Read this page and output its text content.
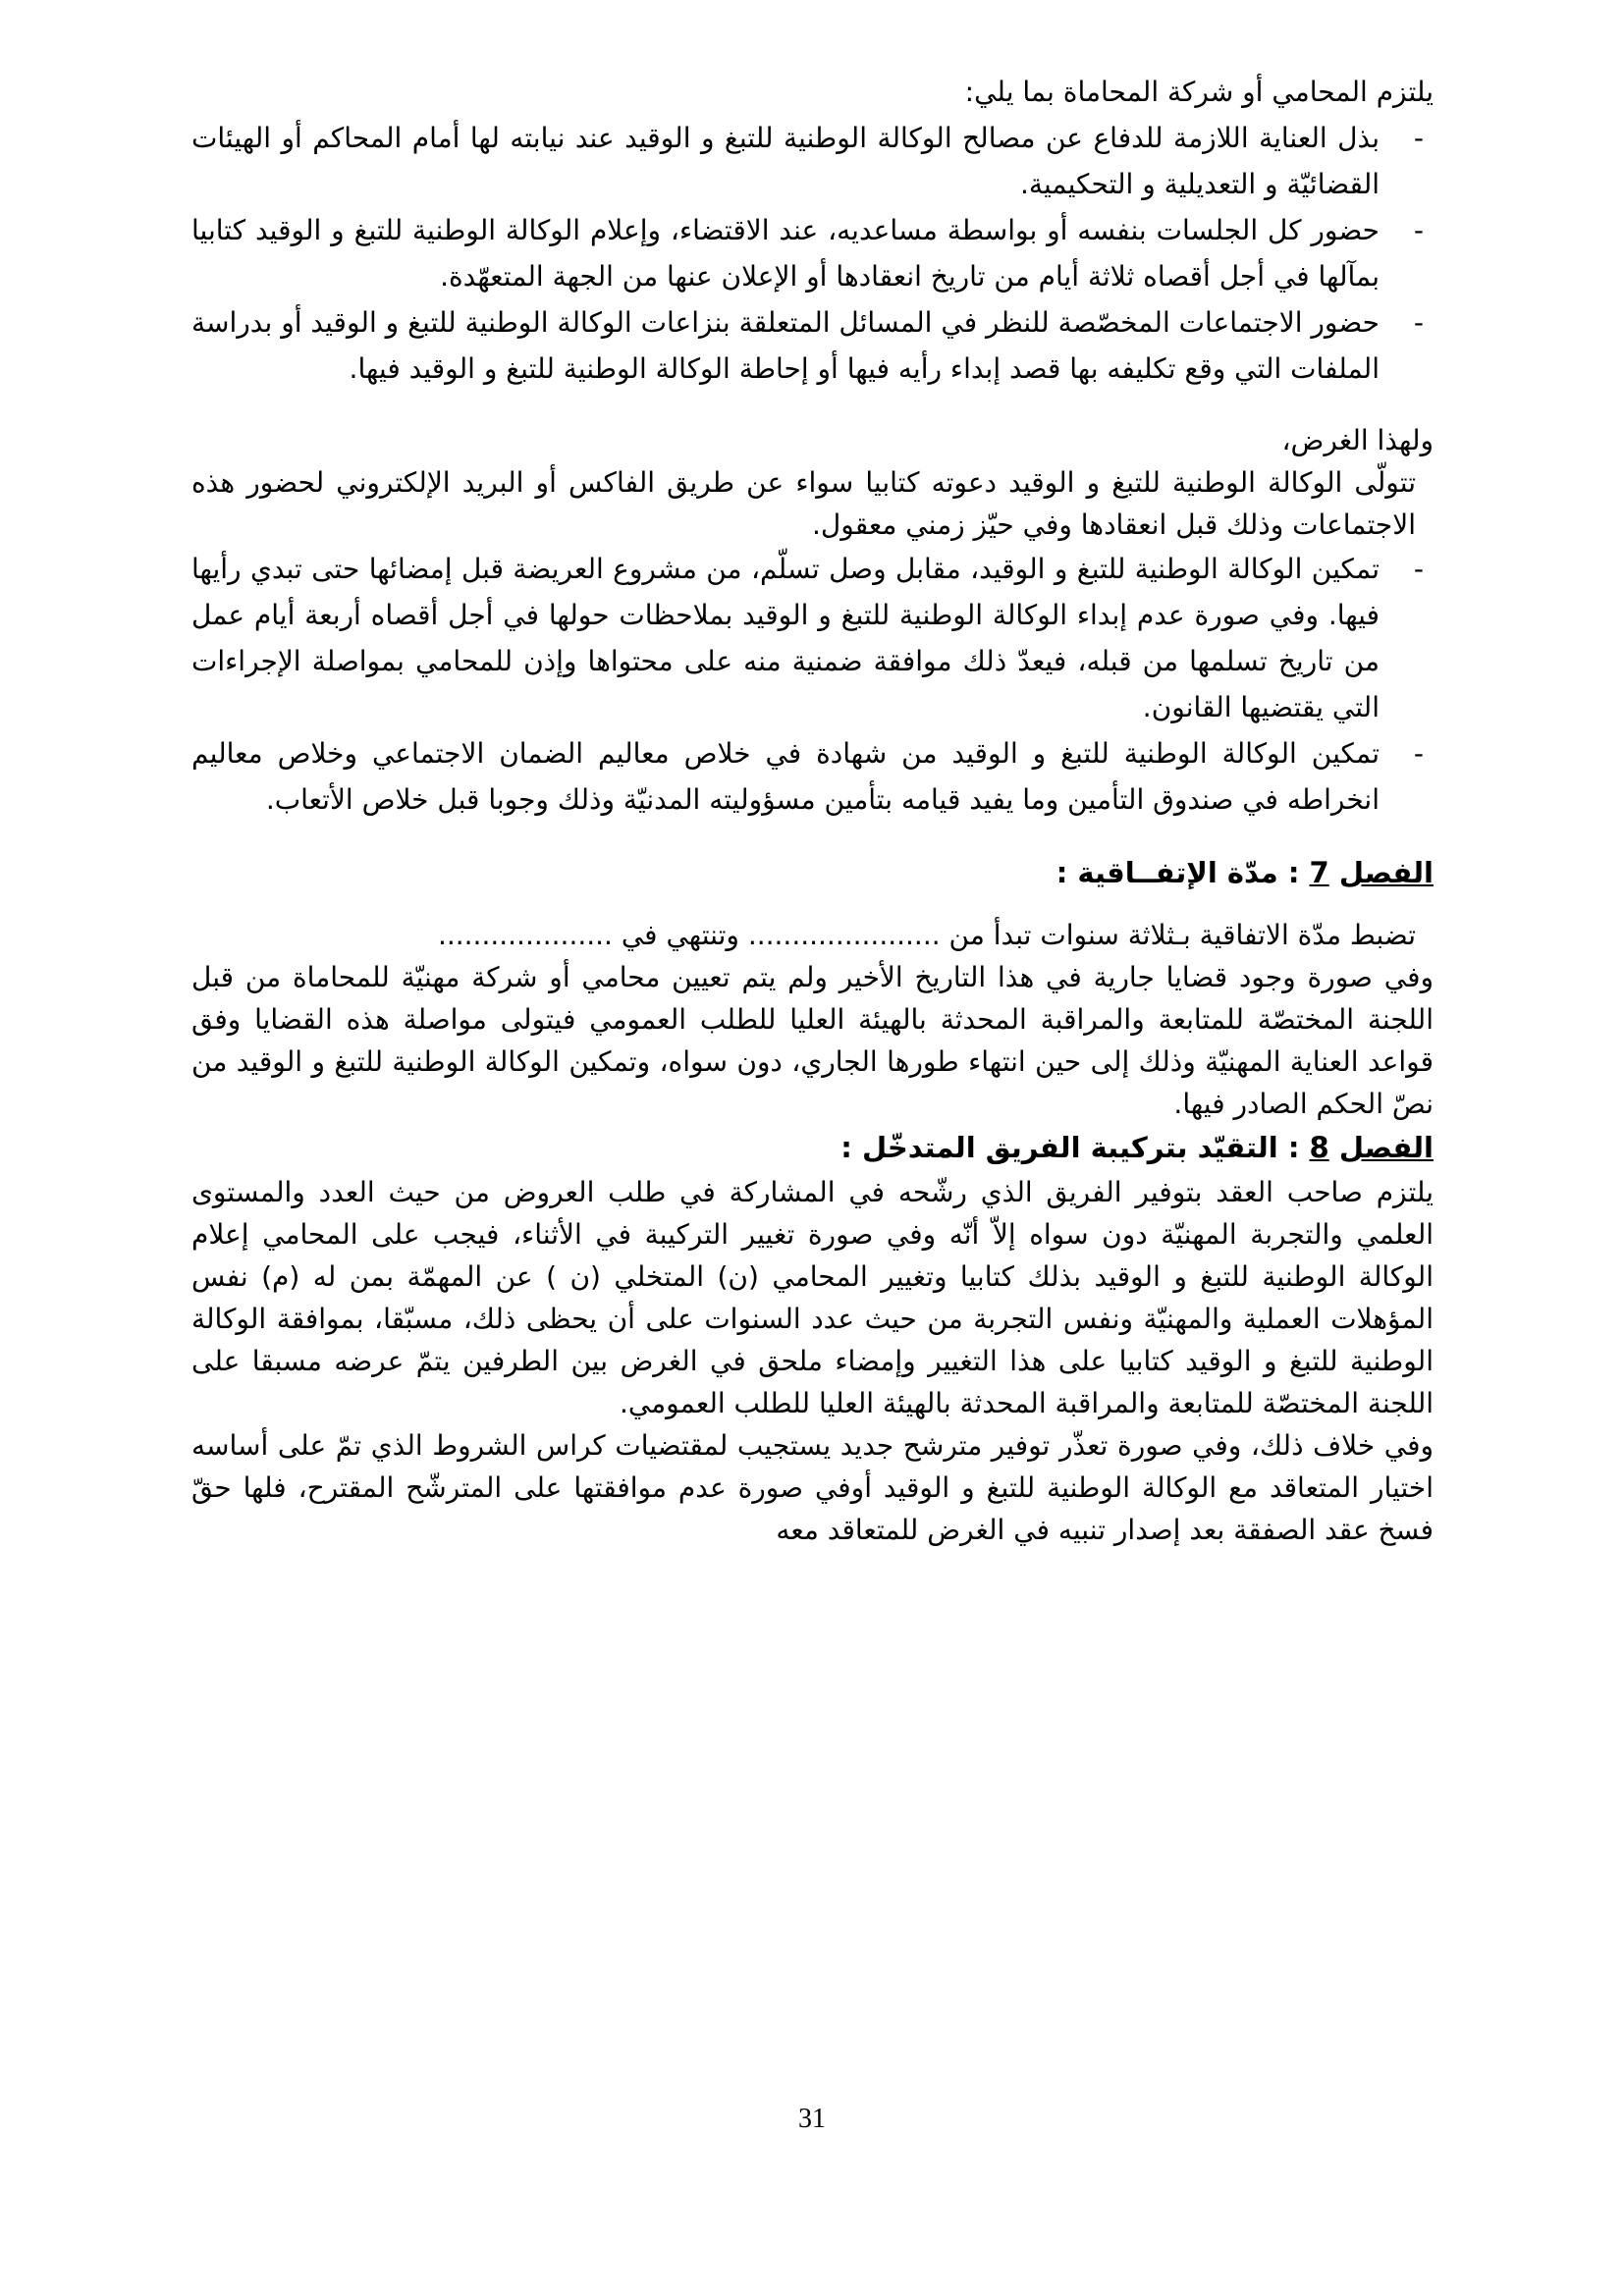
يلتزم المحامي أو شركة المحاماة بما يلي:

-
بذل العناية اللازمة للدفاع عن مصالح الوكالة الوطنية للتبغ و الوقيد عند نيابته لها أمام المحاكم أو الهيئات القضائيّة و التعديلية و التحكيمية.
-
حضور كل الجلسات بنفسه أو بواسطة مساعديه، عند الاقتضاء، وإعلام الوكالة الوطنية للتبغ و الوقيد كتابيا بمآلها في أجل أقصاه ثلاثة أيام من تاريخ انعقادها أو الإعلان عنها من الجهة المتعهّدة.
-
حضور الاجتماعات المخصّصة للنظر في المسائل المتعلقة بنزاعات الوكالة الوطنية للتبغ و الوقيد أو بدراسة الملفات التي وقع تكليفه بها قصد إبداء رأيه فيها أو إحاطة الوكالة الوطنية للتبغ و الوقيد فيها.

ولهذا الغرض،

تتولّى الوكالة الوطنية للتبغ و الوقيد دعوته كتابيا سواء عن طريق الفاكس أو البريد الإلكتروني لحضور هذه الاجتماعات وذلك قبل انعقادها وفي حيّز زمني معقول.

-
تمكين الوكالة الوطنية للتبغ و الوقيد، مقابل وصل تسلّم، من مشروع العريضة قبل إمضائها حتى تبدي رأيها فيها. وفي صورة عدم إبداء الوكالة الوطنية للتبغ و الوقيد بملاحظات حولها في أجل أقصاه أربعة أيام عمل من تاريخ تسلمها من قبله، فيعدّ ذلك موافقة ضمنية منه على محتواها وإذن للمحامي بمواصلة الإجراءات التي يقتضيها القانون.
-
تمكين الوكالة الوطنية للتبغ و الوقيد من شهادة في خلاص معاليم الضمان الاجتماعي وخلاص معاليم انخراطه في صندوق التأمين وما يفيد قيامه بتأمين مسؤوليته المدنيّة وذلك وجوبا قبل خلاص الأتعاب.

الفصل 7 : مدّة الإتفــاقية :

تضبط مدّة الاتفاقية بـثلاثة سنوات تبدأ من ...................... وتنتهي في ....................

وفي صورة وجود قضايا جارية في هذا التاريخ الأخير ولم يتم تعيين محامي أو شركة مهنيّة للمحاماة من قبل اللجنة المختصّة للمتابعة والمراقبة المحدثة بالهيئة العليا للطلب العمومي فيتولى مواصلة هذه القضايا وفق قواعد العناية المهنيّة وذلك إلى حين انتهاء طورها الجاري، دون سواه، وتمكين الوكالة الوطنية للتبغ و الوقيد من نصّ الحكم الصادر فيها.

الفصل 8 : التقيّد بتركيبة الفريق المتدخّل :

يلتزم صاحب العقد بتوفير الفريق الذي رشّحه في المشاركة في طلب العروض من حيث العدد والمستوى العلمي والتجربة المهنيّة دون سواه إلاّ أنّه وفي صورة تغيير التركيبة في الأثناء، فيجب على المحامي إعلام الوكالة الوطنية للتبغ و الوقيد بذلك كتابيا وتغيير المحامي (ن) المتخلي (ن ) عن المهمّة بمن له (م) نفس المؤهلات العملية والمهنيّة ونفس التجربة من حيث عدد السنوات على أن يحظى ذلك، مسبّقا، بموافقة الوكالة الوطنية للتبغ و الوقيد كتابيا على هذا التغيير وإمضاء ملحق في الغرض بين الطرفين يتمّ عرضه مسبقا على اللجنة المختصّة للمتابعة والمراقبة المحدثة بالهيئة العليا للطلب العمومي.

وفي خلاف ذلك، وفي صورة تعذّر توفير مترشح جديد يستجيب لمقتضيات كراس الشروط الذي تمّ على أساسه اختيار المتعاقد مع الوكالة الوطنية للتبغ و الوقيد أوفي صورة عدم موافقتها على المترشّح المقترح، فلها حقّ فسخ عقد الصفقة بعد إصدار تنبيه في الغرض للمتعاقد معه

31
